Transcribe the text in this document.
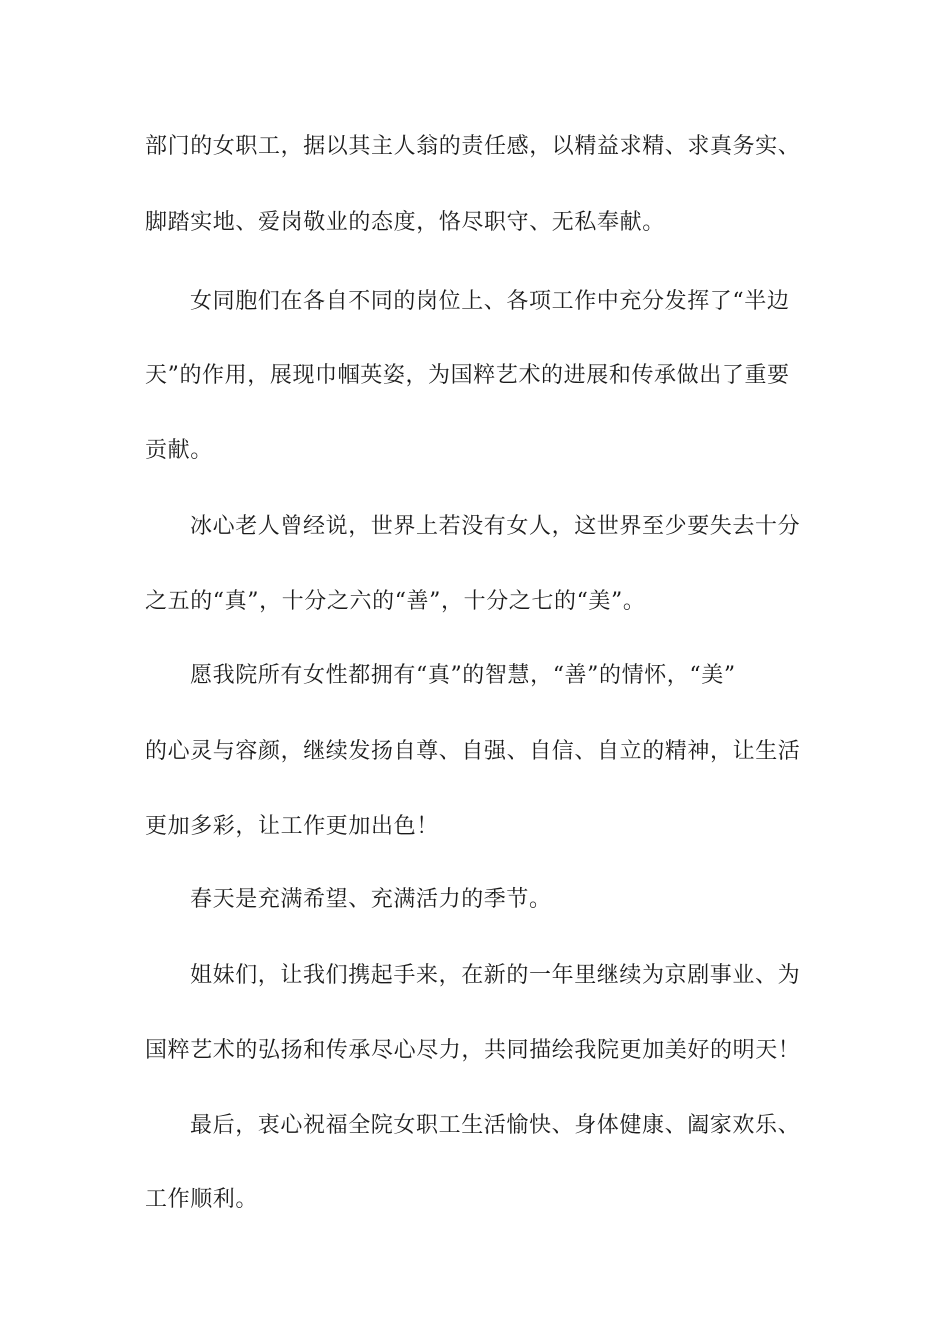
部门的女职工，据以其主人翁的责任感，以精益求精、求真务实、
脚踏实地、爱岗敬业的态度，恪尽职守、无私奉献。
女同胞们在各自不同的岗位上、各项工作中充分发挥了“半边
天”的作用，展现巾帼英姿，为国粹艺术的进展和传承做出了重要
贡献。
冰心老人曾经说，世界上若没有女人，这世界至少要失去十分
之五的“真”，十分之六的“善”，十分之七的“美”。
愿我院所有女性都拥有“真”的智慧，“善”的情怀，“美”
的心灵与容颜，继续发扬自尊、自强、自信、自立的精神，让生活
更加多彩，让工作更加出色！
春天是充满希望、充满活力的季节。
姐妹们，让我们携起手来，在新的一年里继续为京剧事业、为
国粹艺术的弘扬和传承尽心尽力，共同描绘我院更加美好的明天！
最后，衷心祝福全院女职工生活愉快、身体健康、阖家欢乐、
工作顺利。
